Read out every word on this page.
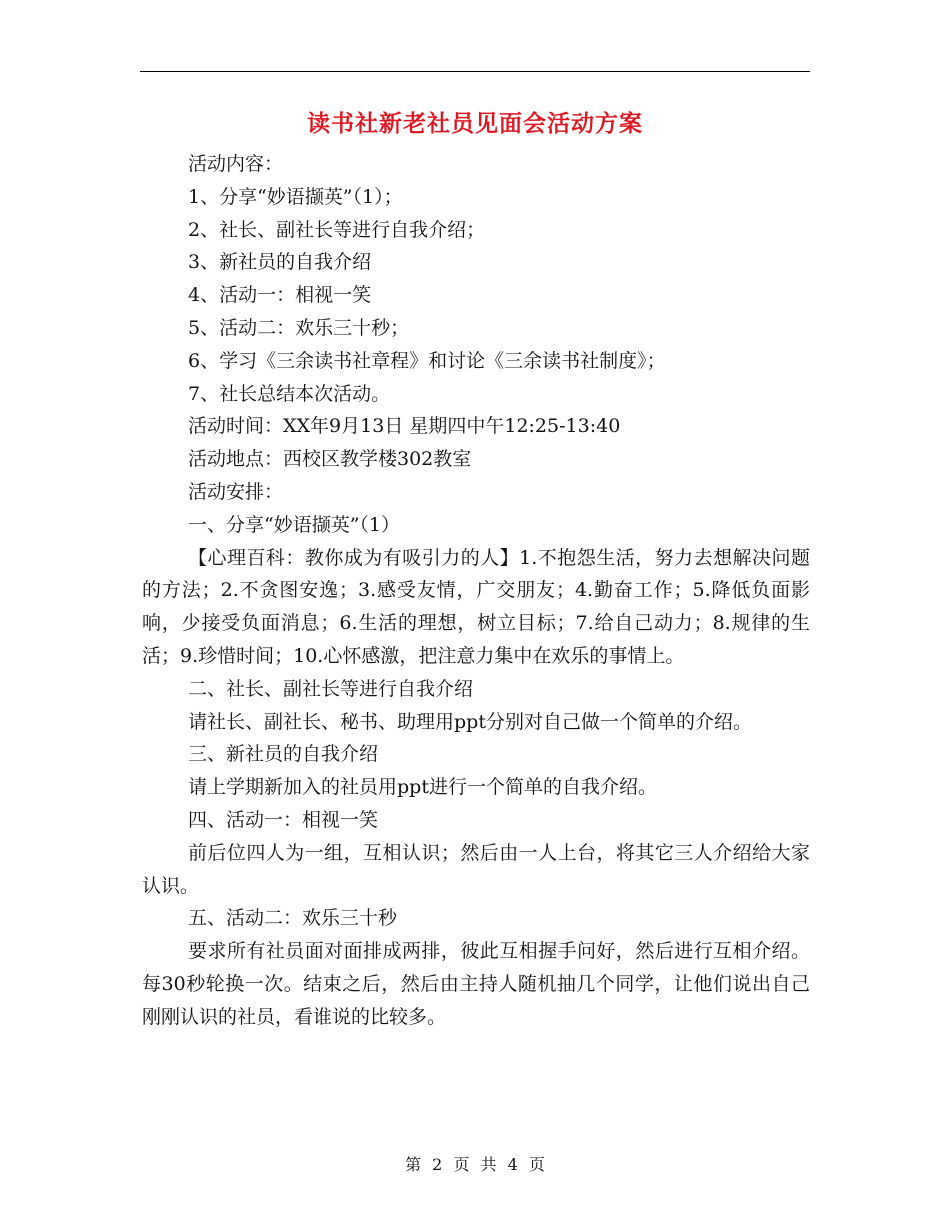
读书社新老社员见面会活动方案

活动内容：

1、分享“妙语撷英”（1）；

2、社长、副社长等进行自我介绍；

3、新社员的自我介绍

4、活动一：相视一笑

5、活动二：欢乐三十秒；

6、学习《三余读书社章程》和讨论《三余读书社制度》；

7、社长总结本次活动。

活动时间：XX年9月13日 星期四中午12:25-13:40

活动地点：西校区教学楼302教室

活动安排：

一、分享“妙语撷英”（1）

【心理百科：教你成为有吸引力的人】1.不抱怨生活，努力去想解决问题的方法；2.不贪图安逸；3.感受友情，广交朋友；4.勤奋工作；5.降低负面影响，少接受负面消息；6.生活的理想，树立目标；7.给自己动力；8.规律的生活；9.珍惜时间；10.心怀感激，把注意力集中在欢乐的事情上。

二、社长、副社长等进行自我介绍

请社长、副社长、秘书、助理用ppt分别对自己做一个简单的介绍。

三、新社员的自我介绍

请上学期新加入的社员用ppt进行一个简单的自我介绍。

四、活动一：相视一笑

前后位四人为一组，互相认识；然后由一人上台，将其它三人介绍给大家认识。

五、活动二：欢乐三十秒

要求所有社员面对面排成两排，彼此互相握手问好，然后进行互相介绍。每30秒轮换一次。结束之后，然后由主持人随机抽几个同学，让他们说出自己刚刚认识的社员，看谁说的比较多。

第 2 页 共 4 页
